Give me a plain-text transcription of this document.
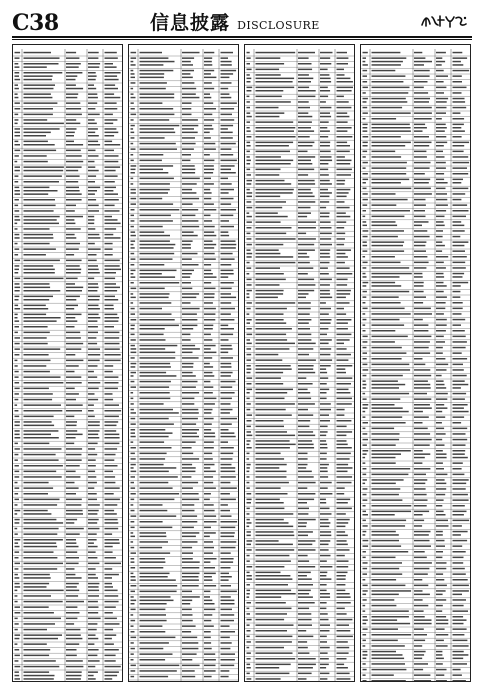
C38	信息披露 DISCLOSURE
